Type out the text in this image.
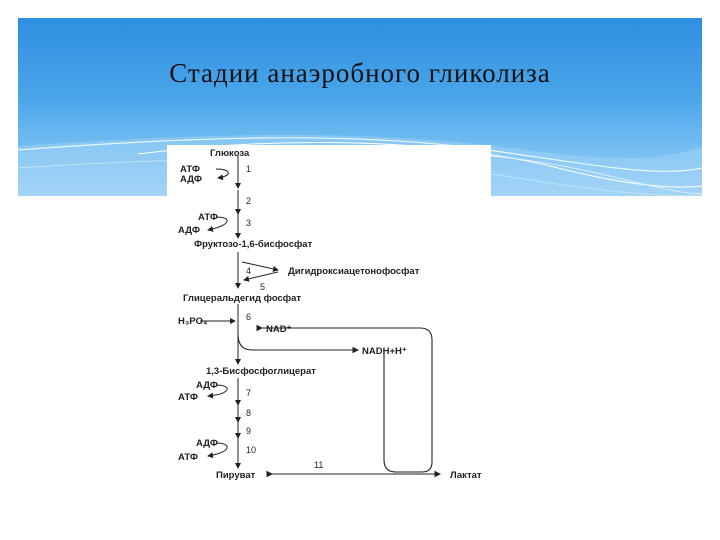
Стадии анаэробного гликолиза
Глюкоза
АТФ
АДФ
1
2
АТФ	3
АДФ
Фруктозо-1,6-бисфосфат
4	Дигидроксиацетонофосфат
5
Глицеральдегид фосфат
6
H₃PO₄
NAD⁺
NADH+H⁺
1,3-Бисфосфоглицерат
АДФ
7
АТФ
8
9
АДФ
10
АТФ
11
Пируват	Лактат
